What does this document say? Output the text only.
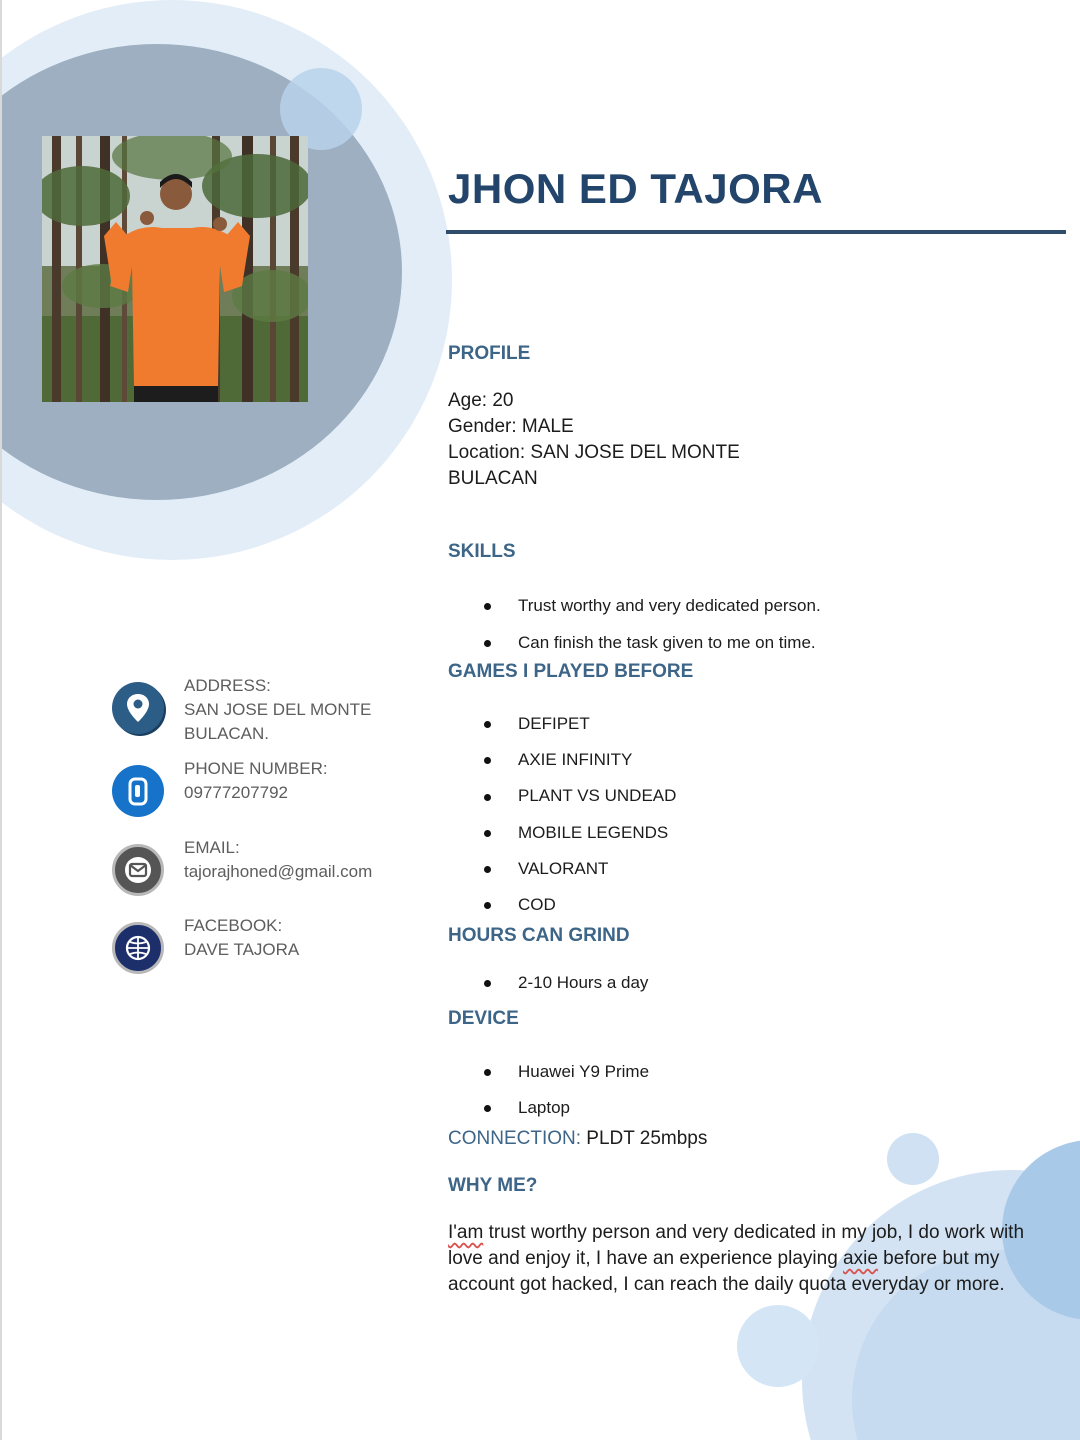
JHON ED TAJORA
PROFILE
Age: 20
Gender: MALE
Location: SAN JOSE DEL MONTE
BULACAN
SKILLS
Trust worthy and very dedicated person.
Can finish the task given to me on time.
GAMES I PLAYED BEFORE
DEFIPET
AXIE INFINITY
PLANT VS UNDEAD
MOBILE LEGENDS
VALORANT
COD
HOURS CAN GRIND
2-10 Hours a day
DEVICE
Huawei Y9 Prime
Laptop
CONNECTION: PLDT 25mbps
WHY ME?
I'am trust worthy person and very dedicated in my job, I do work with love and enjoy it, I have an experience playing axie before but my account got hacked, I can reach the daily quota everyday or more.
ADDRESS:
SAN JOSE DEL MONTE
BULACAN.
PHONE NUMBER:
09777207792
EMAIL:
tajorajhoned@gmail.com
FACEBOOK:
DAVE TAJORA
